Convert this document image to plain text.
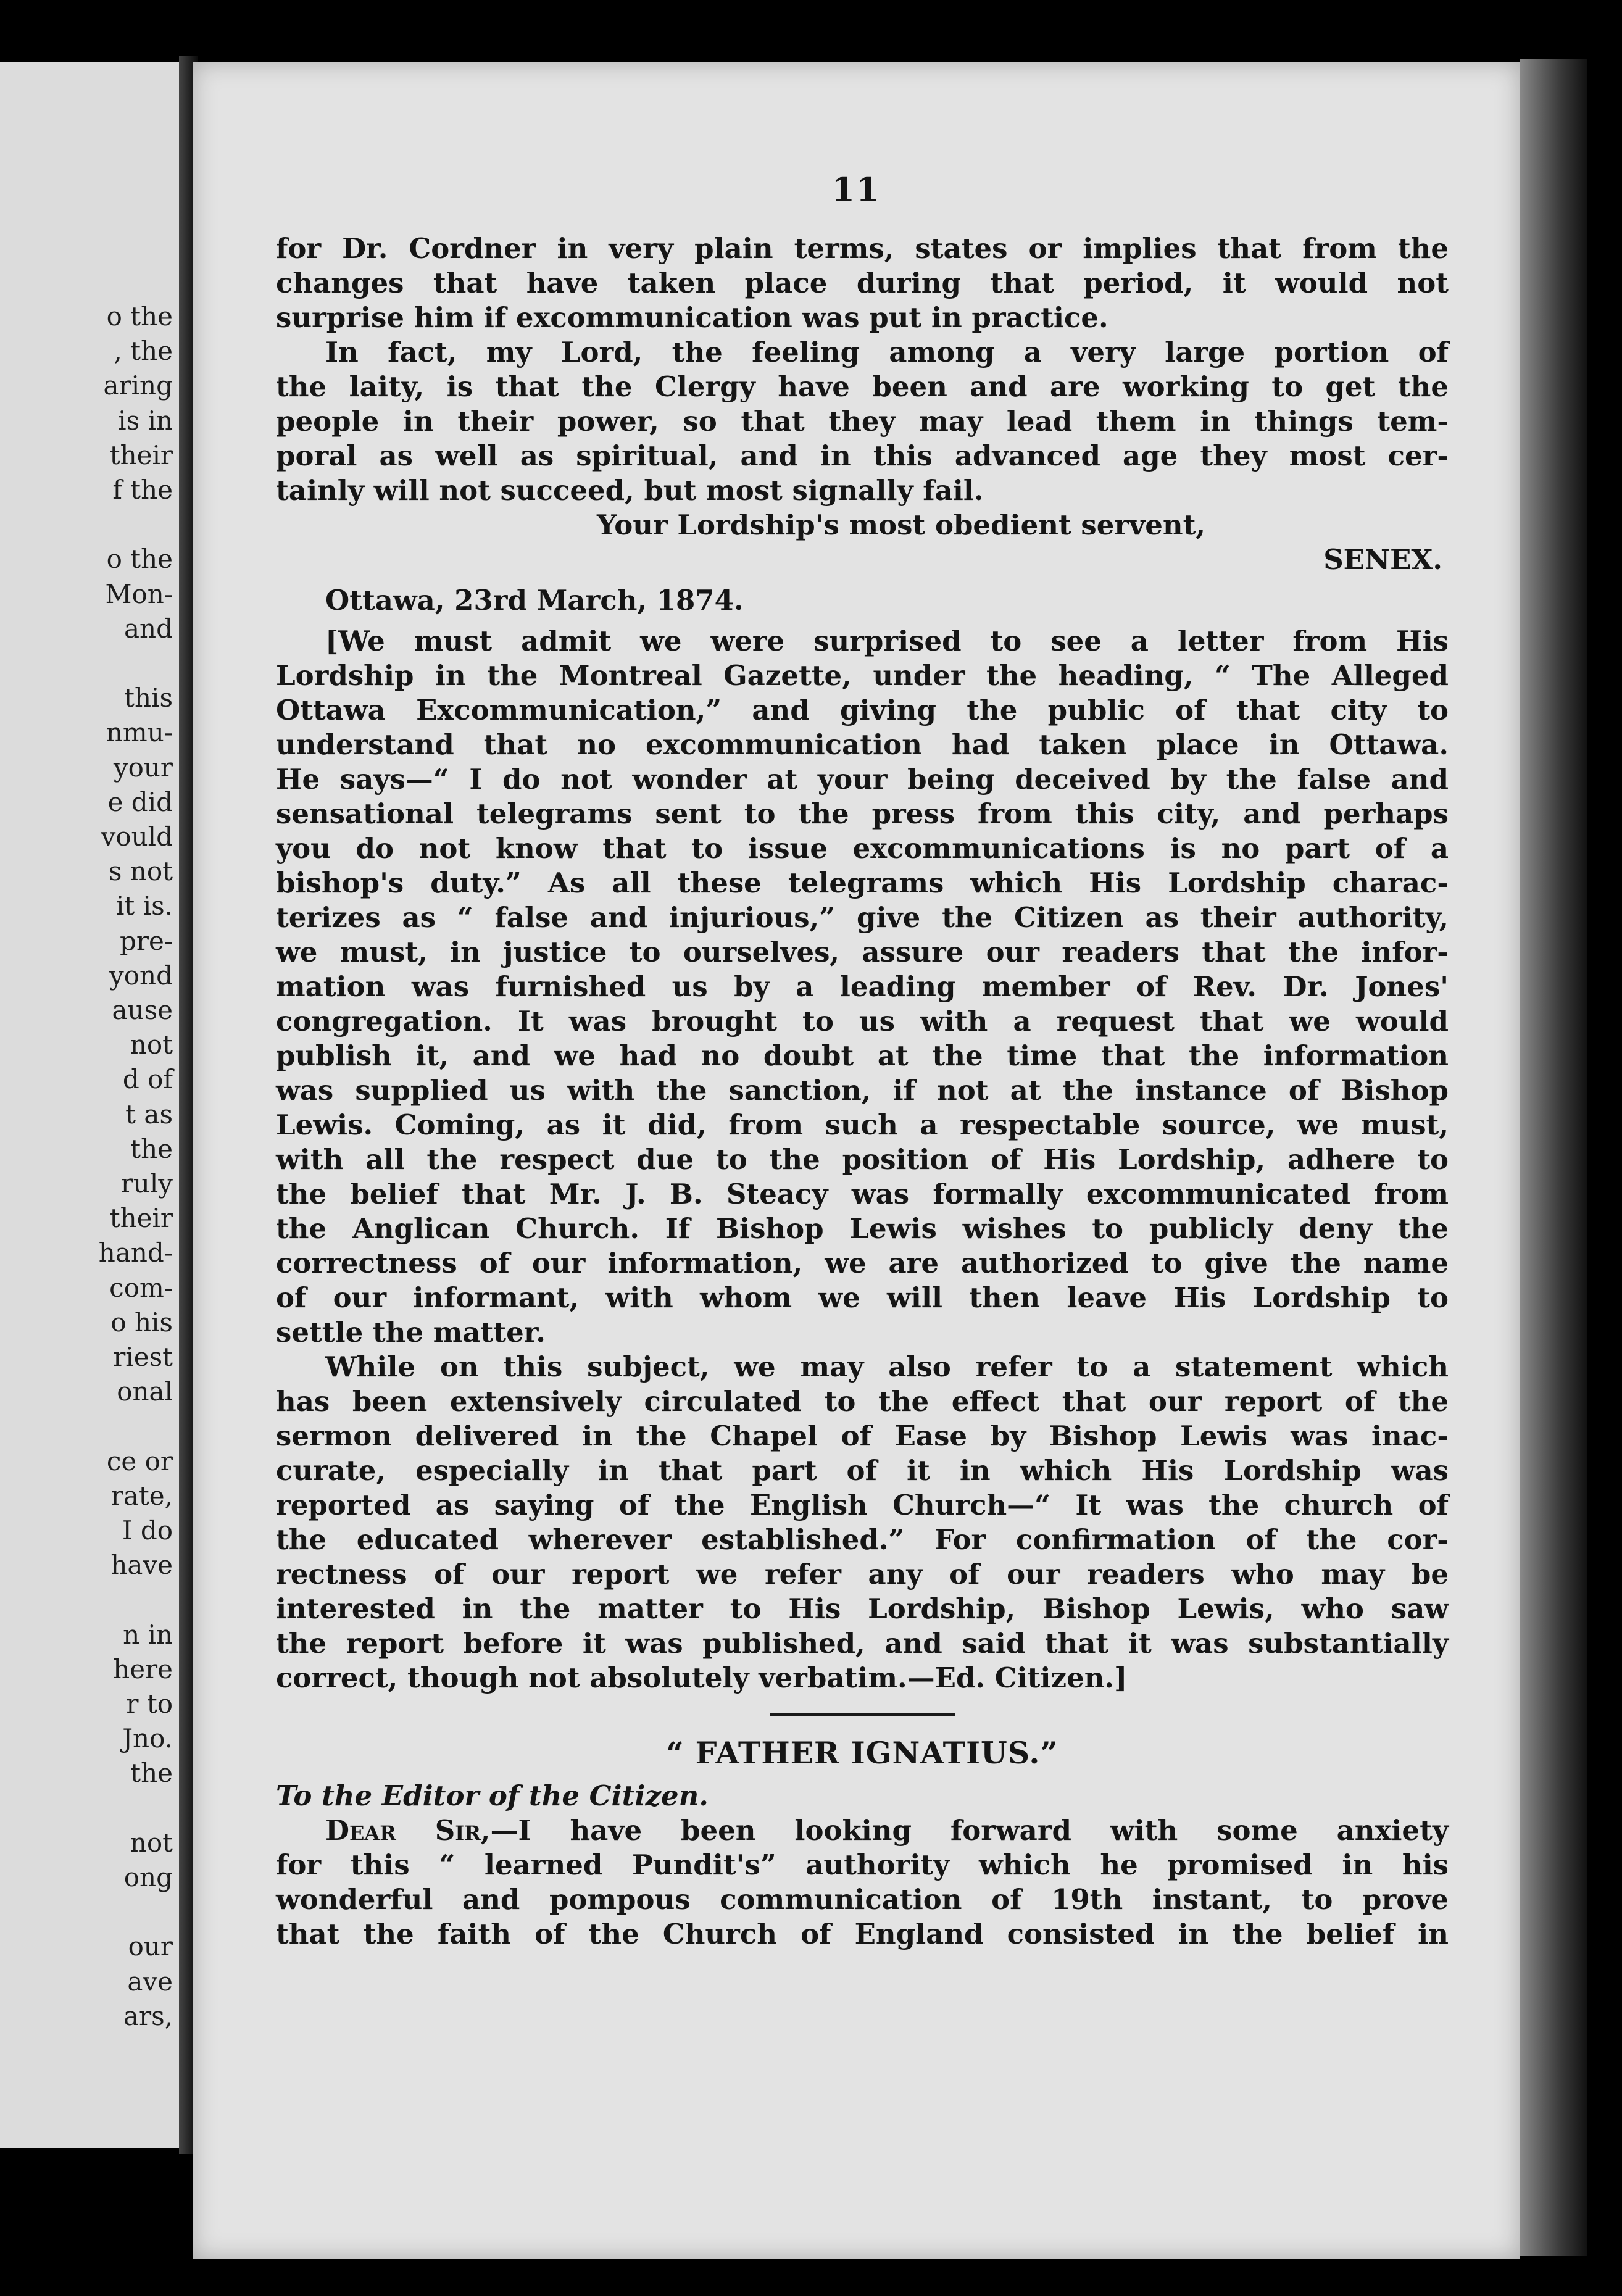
o the
, the
aring
is in
their
f the
o the
Mon-
and
this
nmu-
your
e did
vould
s not
it is.
pre-
yond
ause
not
d of
t as
the
ruly
their
hand-
com-
o his
riest
onal
ce or
rate,
I do
have
n in
here
r to
Jno.
the
not
ong
our
ave
ars,
11
for Dr. Cordner in very plain terms, states or implies that from the
changes that have taken place during that period, it would not
surprise him if excommunication was put in practice.
In fact, my Lord, the feeling among a very large portion of
the laity, is that the Clergy have been and are working to get the
people in their power, so that they may lead them in things tem-
poral as well as spiritual, and in this advanced age they most cer-
tainly will not succeed, but most signally fail.
Your Lordship's most obedient servent,
SENEX.
Ottawa, 23rd March, 1874.
[We must admit we were surprised to see a letter from His
Lordship in the Montreal Gazette, under the heading, “ The Alleged
Ottawa Excommunication,” and giving the public of that city to
understand that no excommunication had taken place in Ottawa.
He says—“ I do not wonder at your being deceived by the false and
sensational telegrams sent to the press from this city, and perhaps
you do not know that to issue excommunications is no part of a
bishop's duty.” As all these telegrams which His Lordship charac-
terizes as “ false and injurious,” give the Citizen as their authority,
we must, in justice to ourselves, assure our readers that the infor-
mation was furnished us by a leading member of Rev. Dr. Jones'
congregation. It was brought to us with a request that we would
publish it, and we had no doubt at the time that the information
was supplied us with the sanction, if not at the instance of Bishop
Lewis. Coming, as it did, from such a respectable source, we must,
with all the respect due to the position of His Lordship, adhere to
the belief that Mr. J. B. Steacy was formally excommunicated from
the Anglican Church. If Bishop Lewis wishes to publicly deny the
correctness of our information, we are authorized to give the name
of our informant, with whom we will then leave His Lordship to
settle the matter.
While on this subject, we may also refer to a statement which
has been extensively circulated to the effect that our report of the
sermon delivered in the Chapel of Ease by Bishop Lewis was inac-
curate, especially in that part of it in which His Lordship was
reported as saying of the English Church—“ It was the church of
the educated wherever established.” For confirmation of the cor-
rectness of our report we refer any of our readers who may be
interested in the matter to His Lordship, Bishop Lewis, who saw
the report before it was published, and said that it was substantially
correct, though not absolutely verbatim.—Ed. Citizen.]
“ FATHER IGNATIUS.”
To the Editor of the Citizen.
Dear Sir,—I have been looking forward with some anxiety
for this “ learned Pundit's” authority which he promised in his
wonderful and pompous communication of 19th instant, to prove
that the faith of the Church of England consisted in the belief in
